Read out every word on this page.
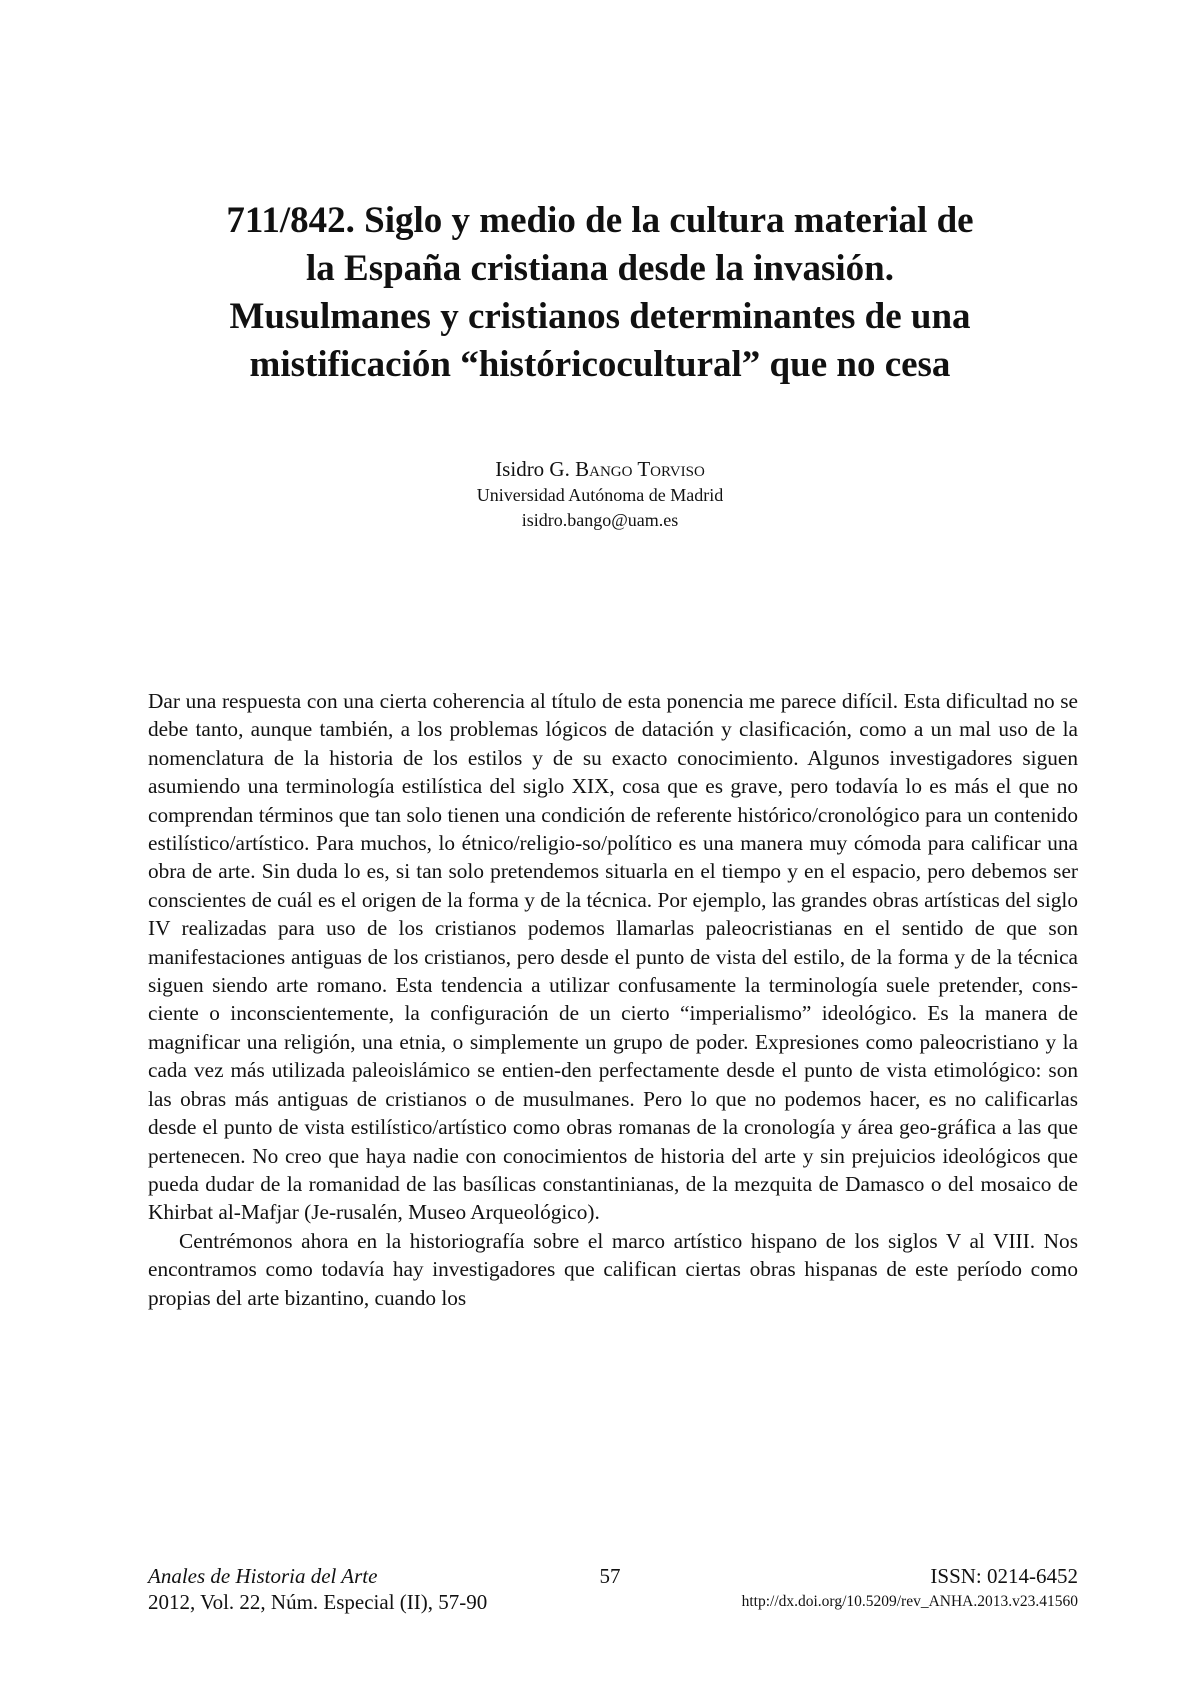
711/842. Siglo y medio de la cultura material de
la España cristiana desde la invasión.
Musulmanes y cristianos determinantes de una
mistificación “históricocultural” que no cesa
Isidro G. Bango Torviso
Universidad Autónoma de Madrid
isidro.bango@uam.es

Dar una respuesta con una cierta coherencia al título de esta ponencia me parece difícil. Esta dificultad no se debe tanto, aunque también, a los problemas lógicos de datación y clasificación, como a un mal uso de la nomenclatura de la historia de los estilos y de su exacto conocimiento. Algunos investigadores siguen asumiendo una terminología estilística del siglo XIX, cosa que es grave, pero todavía lo es más el que no comprendan términos que tan solo tienen una condición de referente histórico/cronológico para un contenido estilístico/artístico. Para muchos, lo étnico/religio-so/político es una manera muy cómoda para calificar una obra de arte. Sin duda lo es, si tan solo pretendemos situarla en el tiempo y en el espacio, pero debemos ser conscientes de cuál es el origen de la forma y de la técnica. Por ejemplo, las grandes obras artísticas del siglo IV realizadas para uso de los cristianos podemos llamarlas paleocristianas en el sentido de que son manifestaciones antiguas de los cristianos, pero desde el punto de vista del estilo, de la forma y de la técnica siguen siendo arte romano. Esta tendencia a utilizar confusamente la terminología suele pretender, cons-ciente o inconscientemente, la configuración de un cierto “imperialismo” ideológico. Es la manera de magnificar una religión, una etnia, o simplemente un grupo de poder. Expresiones como paleocristiano y la cada vez más utilizada paleoislámico se entien-den perfectamente desde el punto de vista etimológico: son las obras más antiguas de cristianos o de musulmanes. Pero lo que no podemos hacer, es no calificarlas desde el punto de vista estilístico/artístico como obras romanas de la cronología y área geo-gráfica a las que pertenecen. No creo que haya nadie con conocimientos de historia del arte y sin prejuicios ideológicos que pueda dudar de la romanidad de las basílicas constantinianas, de la mezquita de Damasco o del mosaico de Khirbat al-Mafjar (Je-rusalén, Museo Arqueológico).

Centrémonos ahora en la historiografía sobre el marco artístico hispano de los siglos V al VIII. Nos encontramos como todavía hay investigadores que califican ciertas obras hispanas de este período como propias del arte bizantino, cuando los

Anales de Historia del Arte
2012, Vol. 22, Núm. Especial (II), 57-90
57	ISSN: 0214-6452
http://dx.doi.org/10.5209/rev_ANHA.2013.v23.41560
